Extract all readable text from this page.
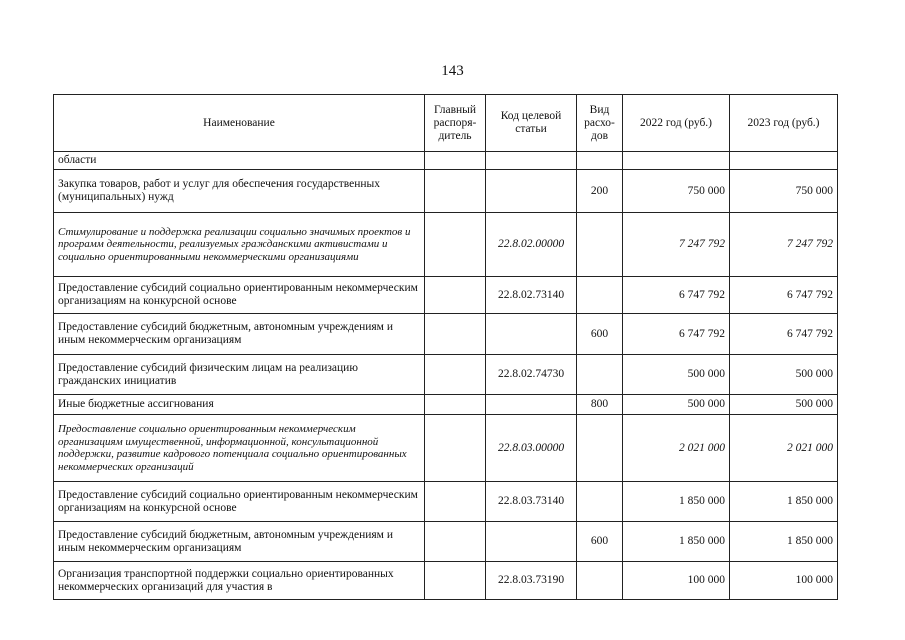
143
Наименование	Главный распоря-дитель	Код целевой статьи	Вид расхо-дов	2022 год (руб.)	2023 год (руб.)
области					
Закупка товаров, работ и услуг для обеспечения государственных (муниципальных) нужд			200	750 000	750 000
Стимулирование и поддержка реализации социально значимых проектов и программ деятельности, реализуемых гражданскими активистами и социально ориентированными некоммерческими организациями		22.8.02.00000		7 247 792	7 247 792
Предоставление субсидий социально ориентированным некоммерческим организациям на конкурсной основе		22.8.02.73140		6 747 792	6 747 792
Предоставление субсидий бюджетным, автономным учреждениям и иным некоммерческим организациям			600	6 747 792	6 747 792
Предоставление субсидий физическим лицам на реализацию гражданских инициатив		22.8.02.74730		500 000	500 000
Иные бюджетные ассигнования			800	500 000	500 000
Предоставление социально ориентированным некоммерческим организациям имущественной, информационной, консультационной поддержки, развитие кадрового потенциала социально ориентированных некоммерческих организаций		22.8.03.00000		2 021 000	2 021 000
Предоставление субсидий социально ориентированным некоммерческим организациям на конкурсной основе		22.8.03.73140		1 850 000	1 850 000
Предоставление субсидий бюджетным, автономным учреждениям и иным некоммерческим организациям			600	1 850 000	1 850 000
Организация транспортной поддержки социально ориентированных некоммерческих организаций для участия в		22.8.03.73190		100 000	100 000
